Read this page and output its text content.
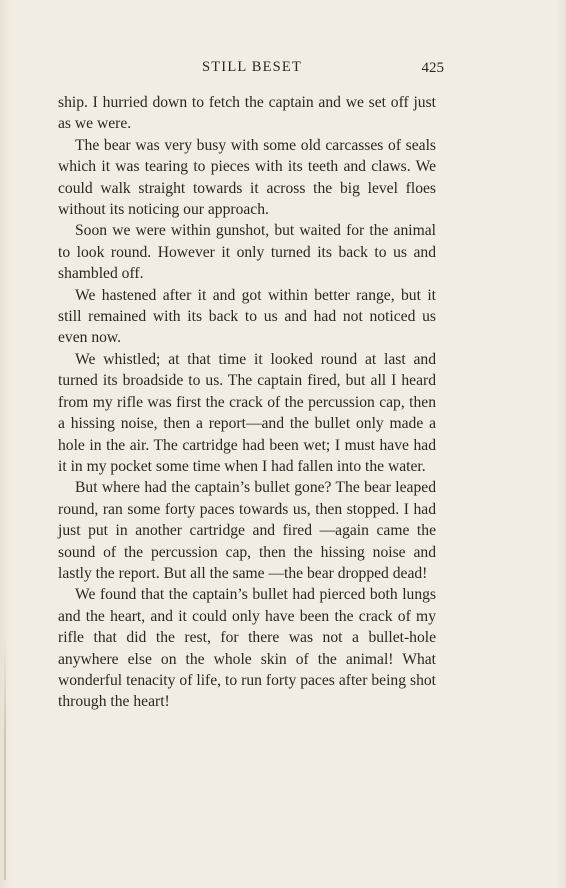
STILL BESET	425

ship. I hurried down to fetch the captain and we set off just as we were.

The bear was very busy with some old carcasses of seals which it was tearing to pieces with its teeth and claws. We could walk straight towards it across the big level floes without its noticing our approach.

Soon we were within gunshot, but waited for the animal to look round. However it only turned its back to us and shambled off.

We hastened after it and got within better range, but it still remained with its back to us and had not noticed us even now.

We whistled; at that time it looked round at last and turned its broadside to us. The captain fired, but all I heard from my rifle was first the crack of the percussion cap, then a hissing noise, then a report—and the bullet only made a hole in the air. The cartridge had been wet; I must have had it in my pocket some time when I had fallen into the water.

But where had the captain’s bullet gone? The bear leaped round, ran some forty paces towards us, then stopped. I had just put in another cartridge and fired —again came the sound of the percussion cap, then the hissing noise and lastly the report. But all the same —the bear dropped dead!

We found that the captain’s bullet had pierced both lungs and the heart, and it could only have been the crack of my rifle that did the rest, for there was not a bullet-hole anywhere else on the whole skin of the animal! What wonderful tenacity of life, to run forty paces after being shot through the heart!
